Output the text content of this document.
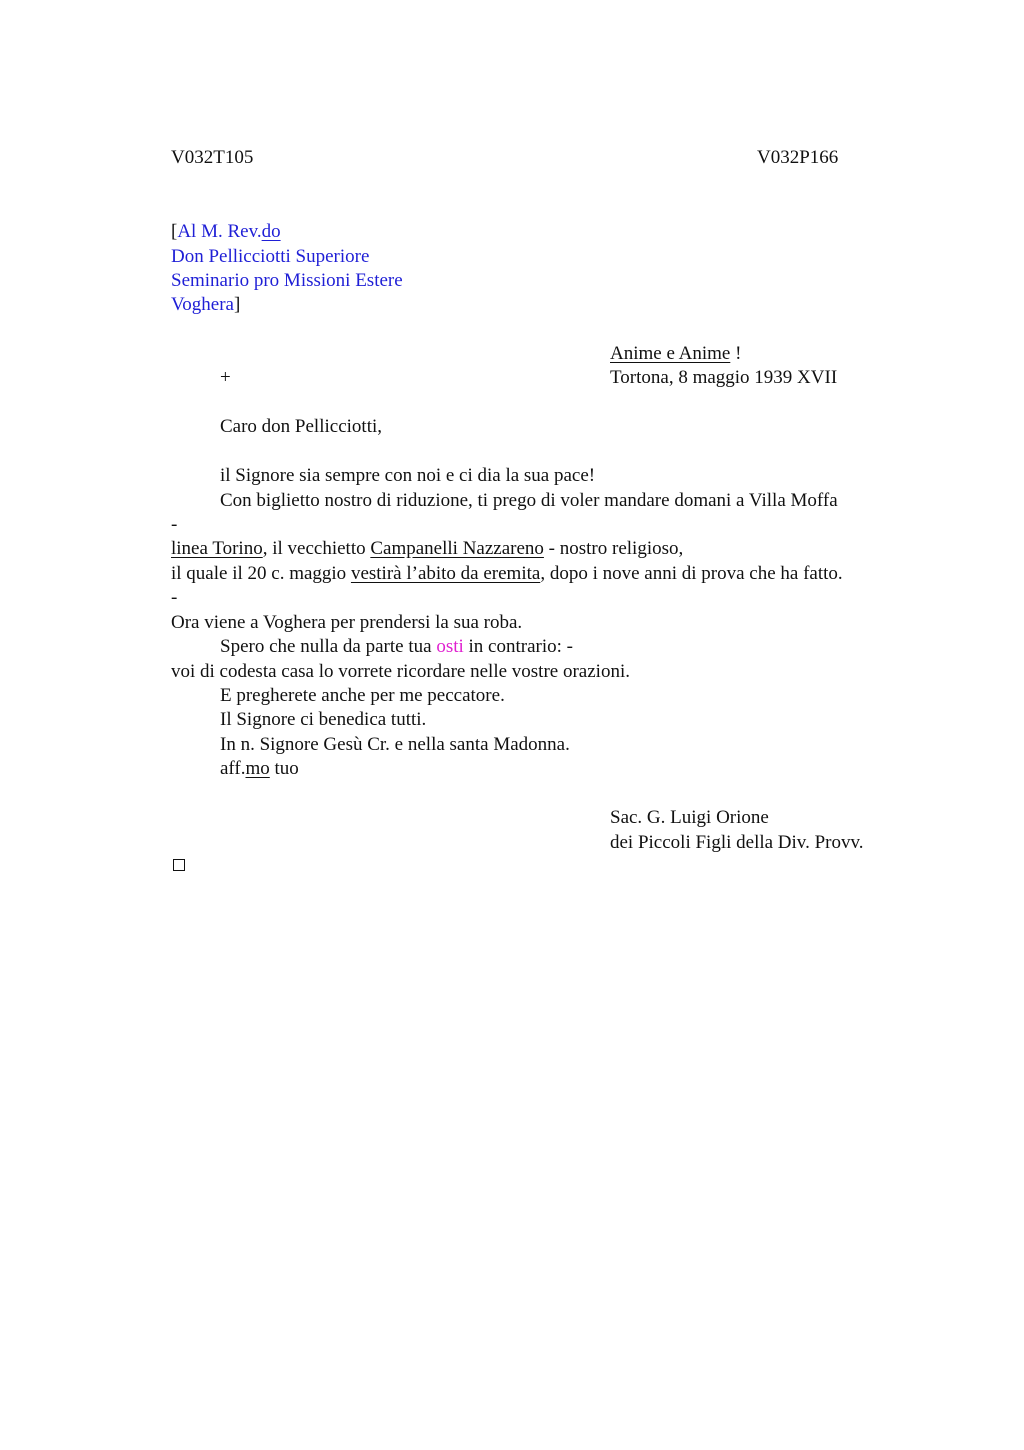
V032T105	V032P166
[Al M. Rev.do
Don Pellicciotti Superiore
Seminario pro Missioni Estere
Voghera]
Anime e Anime !
+	Tortona, 8 maggio 1939 XVII
Caro don Pellicciotti,
il Signore sia sempre con noi e ci dia la sua pace!
Con biglietto nostro di riduzione, ti prego di voler mandare domani a Villa Moffa
-
linea Torino, il vecchietto Campanelli Nazzareno - nostro religioso,
il quale il 20 c. maggio vestirà l’abito da eremita, dopo i nove anni di prova che ha fatto.
-
Ora viene a Voghera per prendersi la sua roba.
Spero che nulla da parte tua osti in contrario: -
voi di codesta casa lo vorrete ricordare nelle vostre orazioni.
E pregherete anche per me peccatore.
Il Signore ci benedica tutti.
In n. Signore Gesù Cr. e nella santa Madonna.
aff.mo tuo
Sac. G. Luigi Orione
dei Piccoli Figli della Div. Provv.
